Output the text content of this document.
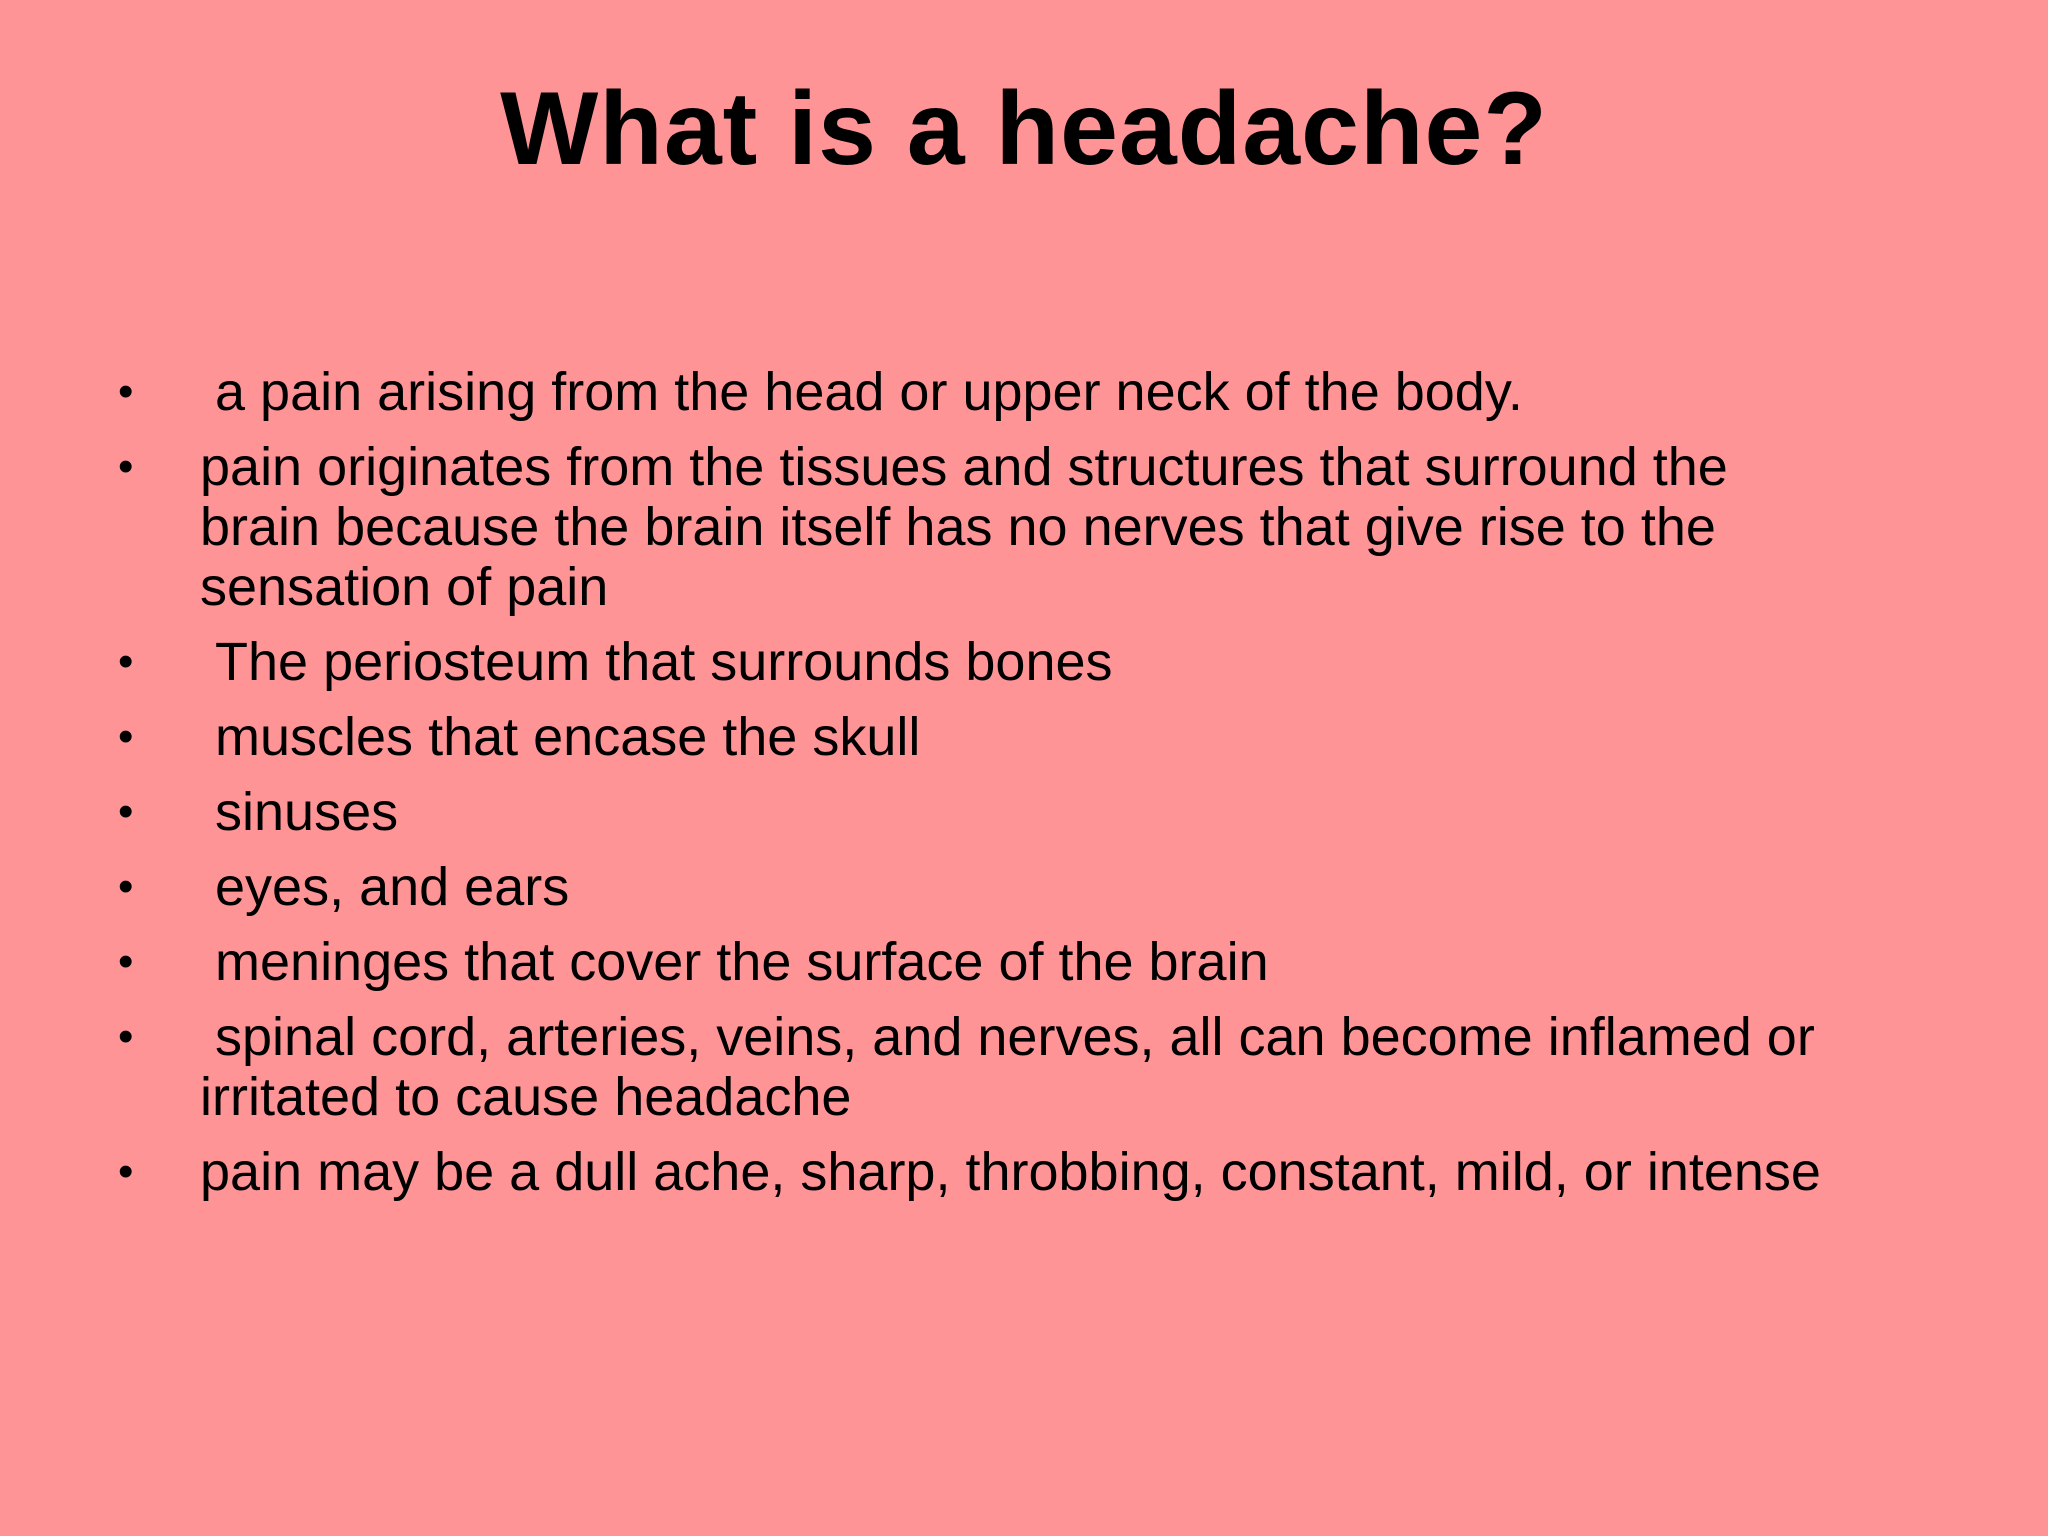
What is a headache?
•	a pain arising from the head or upper neck of the body.
•	pain originates from the tissues and structures that surround the
brain because the brain itself has no nerves that give rise to the
sensation of pain
•	The periosteum that surrounds bones
•	muscles that encase the skull
•	sinuses
•	eyes, and ears
•	meninges that cover the surface of the brain
•	spinal cord, arteries, veins, and nerves, all can become inflamed or
irritated to cause headache
•	pain may be a dull ache, sharp, throbbing, constant, mild, or intense
